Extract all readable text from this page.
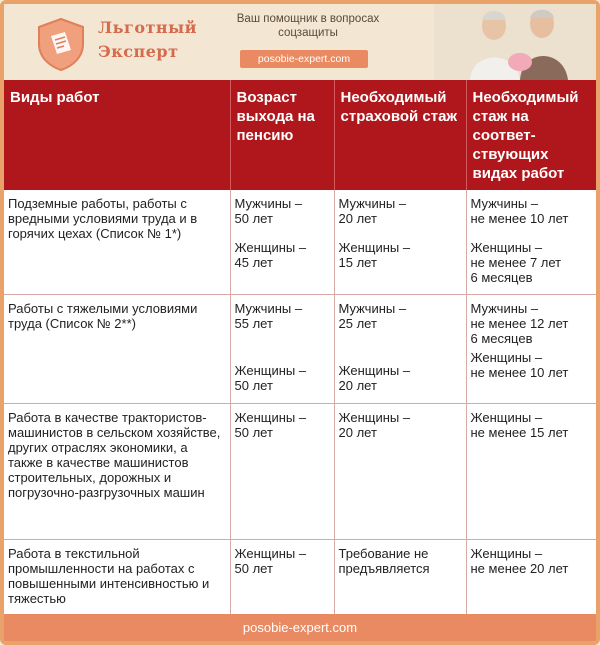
Льготный
Эксперт
Ваш помощник в вопросах
соцзащиты
posobie-expert.com
Виды работ	Возраст выхода на пенсию	Необходимый страховой стаж	Необходимый стаж на соответ-ствующих видах работ
Подземные работы, работы с вредными условиями труда и в горячих цехах (Список № 1*)	Мужчины –
50 лет
Женщины –
45 лет	Мужчины –
20 лет
Женщины –
15 лет	Мужчины –
не менее 10 лет
Женщины –
не менее 7 лет
6 месяцев
Работы с тяжелыми условиями труда (Список № 2**)	Мужчины –
55 лет
Женщины –
50 лет	Мужчины –
25 лет
Женщины –
20 лет	Мужчины –
не менее 12 лет
6 месяцев
Женщины –
не менее 10 лет
Работа в качестве трактористов-машинистов в сельском хозяйстве, других отраслях экономики, а также в качестве машинистов строительных, дорожных и погрузочно-разгрузочных машин	Женщины –
50 лет	Женщины –
20 лет	Женщины –
не менее 15 лет
Работа в текстильной промышленности на работах с повышенными интенсивностью и тяжестью	Женщины –
50 лет	Требование не
предъявляется	Женщины –
не менее 20 лет
posobie-expert.com
